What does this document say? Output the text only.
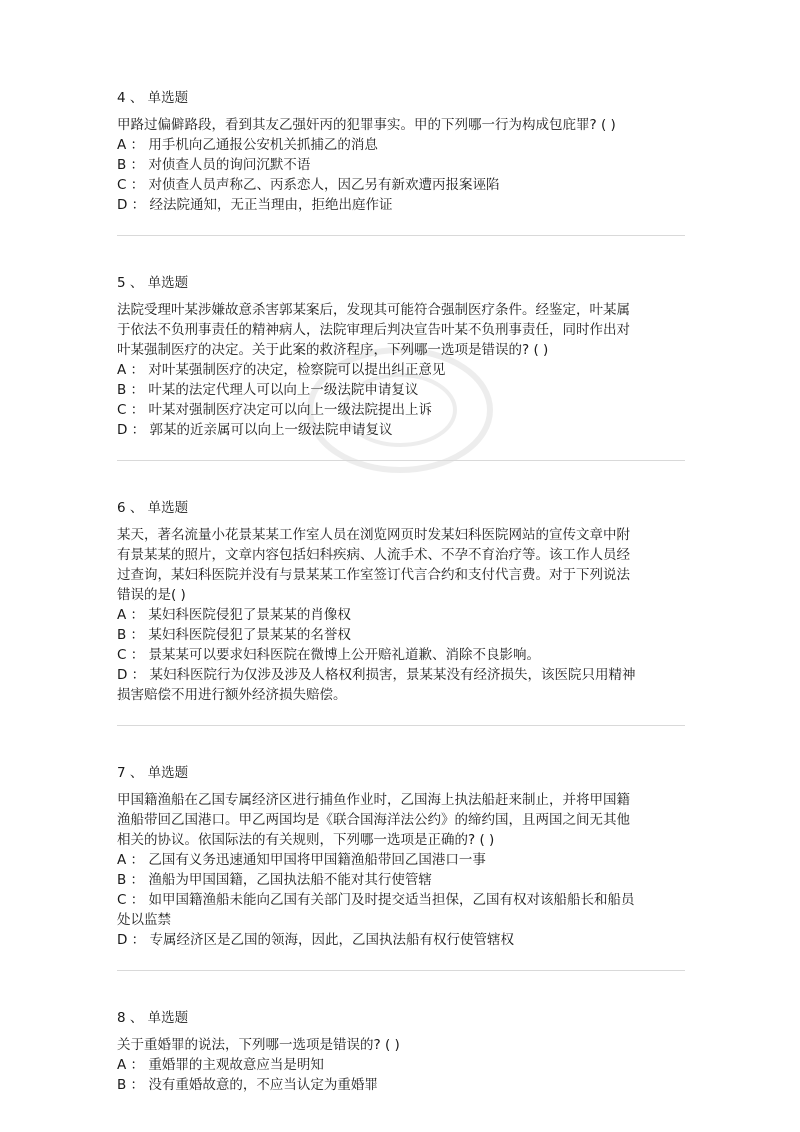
4 、 单选题
甲路过偏僻路段，看到其友乙强奸丙的犯罪事实。甲的下列哪一行为构成包庇罪? ( )
A ： 用手机向乙通报公安机关抓捕乙的消息
B ： 对侦查人员的询问沉默不语
C ： 对侦查人员声称乙、丙系恋人，因乙另有新欢遭丙报案诬陷
D ： 经法院通知，无正当理由，拒绝出庭作证
5 、 单选题
法院受理叶某涉嫌故意杀害郭某案后，发现其可能符合强制医疗条件。经鉴定，叶某属
于依法不负刑事责任的精神病人，法院审理后判决宣告叶某不负刑事责任，同时作出对
叶某强制医疗的决定。关于此案的救济程序，下列哪一选项是错误的? ( )
A ： 对叶某强制医疗的决定，检察院可以提出纠正意见
B ： 叶某的法定代理人可以向上一级法院申请复议
C ： 叶某对强制医疗决定可以向上一级法院提出上诉
D ： 郭某的近亲属可以向上一级法院申请复议
6 、 单选题
某天，著名流量小花景某某工作室人员在浏览网页时发某妇科医院网站的宣传文章中附
有景某某的照片，文章内容包括妇科疾病、人流手术、不孕不育治疗等。该工作人员经
过查询，某妇科医院并没有与景某某工作室签订代言合约和支付代言费。对于下列说法
错误的是( )
A ： 某妇科医院侵犯了景某某的肖像权
B ： 某妇科医院侵犯了景某某的名誉权
C ： 景某某可以要求妇科医院在微博上公开赔礼道歉、消除不良影响。
D ： 某妇科医院行为仅涉及涉及人格权利损害，景某某没有经济损失，该医院只用精神
损害赔偿不用进行额外经济损失赔偿。
7 、 单选题
甲国籍渔船在乙国专属经济区进行捕鱼作业时，乙国海上执法船赶来制止，并将甲国籍
渔船带回乙国港口。甲乙两国均是《联合国海洋法公约》的缔约国，且两国之间无其他
相关的协议。依国际法的有关规则，下列哪一选项是正确的? ( )
A ： 乙国有义务迅速通知甲国将甲国籍渔船带回乙国港口一事
B ： 渔船为甲国国籍，乙国执法船不能对其行使管辖
C ： 如甲国籍渔船未能向乙国有关部门及时提交适当担保，乙国有权对该船船长和船员
处以监禁
D ： 专属经济区是乙国的领海，因此，乙国执法船有权行使管辖权
8 、 单选题
关于重婚罪的说法，下列哪一选项是错误的? ( )
A ： 重婚罪的主观故意应当是明知
B ： 没有重婚故意的，不应当认定为重婚罪
